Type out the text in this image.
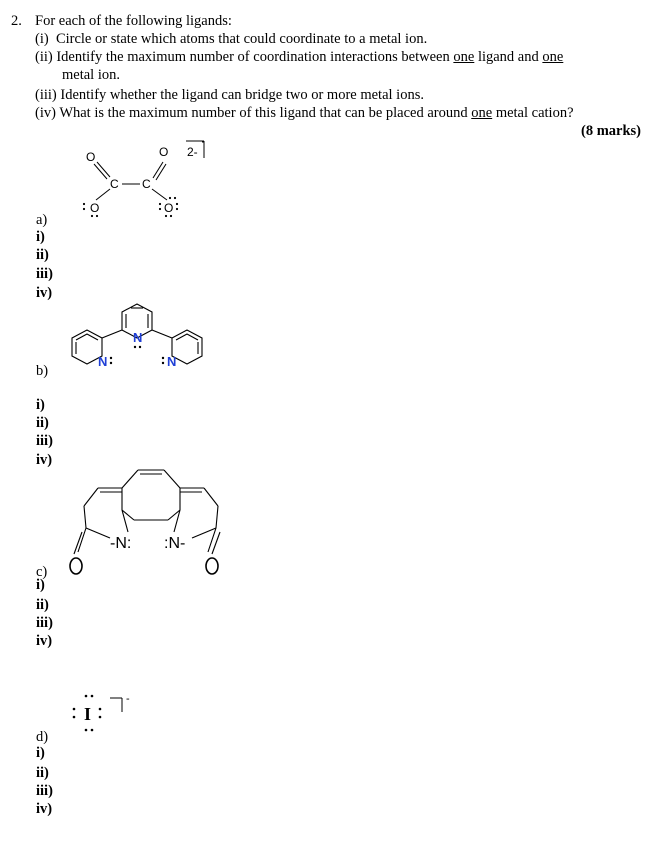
2. For each of the following ligands:
(i) Circle or state which atoms that could coordinate to a metal ion.
(ii) Identify the maximum number of coordination interactions between one ligand and one
metal ion.
(iii) Identify whether the ligand can bridge two or more metal ions.
(iv) What is the maximum number of this ligand that can be placed around one metal cation?
(8 marks)
O	O
C C
O	O
2-
a)
i)
ii)
iii)
iv)
N
N
N
b)
i)
ii)
iii)
iv)
-N: :N-
c)
i)
ii)
iii)
iv)
I
-
d)
i)
ii)
iii)
iv)
